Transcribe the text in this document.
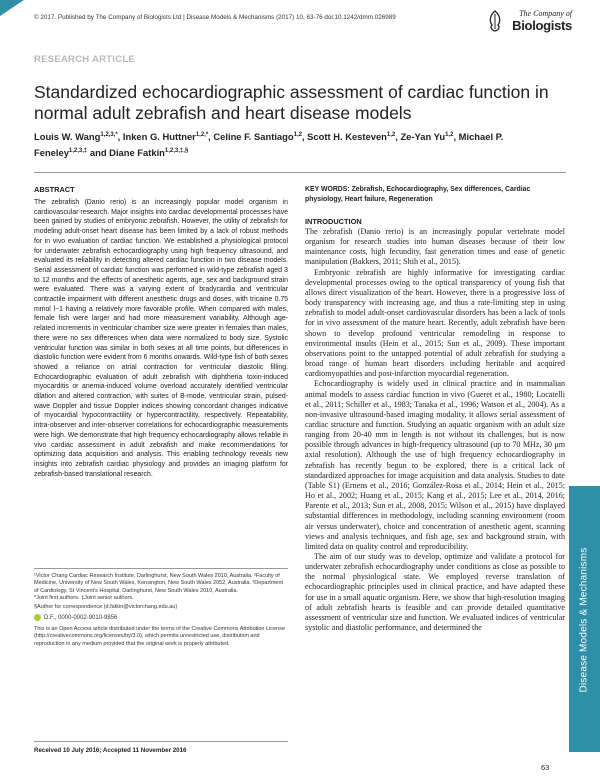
© 2017. Published by The Company of Biologists Ltd | Disease Models & Mechanisms (2017) 10, 63-76 doi:10.1242/dmm.026989	The Company of
Biologists
RESEARCH ARTICLE
Standardized echocardiographic assessment of cardiac function in normal adult zebrafish and heart disease models
Louis W. Wang$^{1,2,3,*}$, Inken G. Huttner$^{1,2,*}$, Celine F. Santiago$^{1,2}$, Scott H. Kesteven$^{1,2}$, Ze-Yan Yu$^{1,2}$, Michael P. Feneley$^{1,2,3,\ddagger}$ and Diane Fatkin$^{1,2,3,\ddagger,\S}$
ABSTRACT

The zebrafish (Danio rerio) is an increasingly popular model organism in cardiovascular research. Major insights into cardiac developmental processes have been gained by studies of embryonic zebrafish. However, the utility of zebrafish for modeling adult-onset heart disease has been limited by a lack of robust methods for in vivo evaluation of cardiac function. We established a physiological protocol for underwater zebrafish echocardiography using high frequency ultrasound, and evaluated its reliability in detecting altered cardiac function in two disease models. Serial assessment of cardiac function was performed in wild-type zebrafish aged 3 to 12 months and the effects of anesthetic agents, age, sex and background strain were evaluated. There was a varying extent of bradycardia and ventricular contractile impairment with different anesthetic drugs and doses, with tricaine 0.75 mmol l−1 having a relatively more favorable profile. When compared with males, female fish were larger and had more measurement variability. Although age-related increments in ventricular chamber size were greater in females than males, there were no sex differences when data were normalized to body size. Systolic ventricular function was similar in both sexes at all time points, but differences in diastolic function were evident from 6 months onwards. Wild-type fish of both sexes showed a reliance on atrial contraction for ventricular diastolic filling. Echocardiographic evaluation of adult zebrafish with diphtheria toxin-induced myocarditis or anemia-induced volume overload accurately identified ventricular dilation and altered contraction, with suites of B-mode, ventricular strain, pulsed-wave Doppler and tissue Doppler indices showing concordant changes indicative of myocardial hypocontractility or hypercontractility, respectively. Repeatability, intra-observer and inter-observer correlations for echocardiographic measurements were high. We demonstrate that high frequency echocardiography allows reliable in vivo cardiac assessment in adult zebrafish and make recommendations for optimizing data acquisition and analysis. This enabling technology reveals new insights into zebrafish cardiac physiology and provides an imaging platform for zebrafish-based translational research.

KEY WORDS: Zebrafish, Echocardiography, Sex differences, Cardiac physiology, Heart failure, Regeneration
INTRODUCTION

The zebrafish (Danio rerio) is an increasingly popular vertebrate model organism for research studies into human diseases because of their low maintenance costs, high fecundity, fast generation times and ease of genetic manipulation (Bakkers, 2011; Shih et al., 2015).

Embryonic zebrafish are highly informative for investigating cardiac developmental processes owing to the optical transparency of young fish that allows direct visualization of the heart. However, there is a progressive loss of body transparency with increasing age, and thus a rate-limiting step in using zebrafish to model adult-onset cardiovascular disorders has been a lack of tools for in vivo assessment of the mature heart. Recently, adult zebrafish have been shown to develop profound ventricular remodeling in response to environmental insults (Hein et al., 2015; Sun et al., 2009). These important observations point to the untapped potential of adult zebrafish for studying a broad range of human heart disorders including heritable and acquired cardiomyopathies and post-infarction myocardial regeneration.

Echocardiography is widely used in clinical practice and in mammalian animal models to assess cardiac function in vivo (Gueret et al., 1980; Locatelli et al., 2011; Schiller et al., 1983; Tanaka et al., 1996; Watson et al., 2004). As a non-invasive ultrasound-based imaging modality, it allows serial assessment of cardiac structure and function. Studying an aquatic organism with an adult size ranging from 20-40 mm in length is not without its challenges, but is now possible through advances in high-frequency ultrasound (up to 70 MHz, 30 μm axial resolution). Although the use of high frequency echocardiography in zebrafish has recently begun to be explored, there is a critical lack of standardized approaches for image acquisition and data analysis. Studies to date (Table S1) (Ernens et al., 2016; González-Rosa et al., 2014; Hein et al., 2015; Ho et al., 2002; Huang et al., 2015; Kang et al., 2015; Lee et al., 2014, 2016; Parente et al., 2013; Sun et al., 2008, 2015; Wilson et al., 2015) have displayed substantial differences in methodology, including scanning environment (room air versus underwater), choice and concentration of anesthetic agent, scanning views and analysis techniques, and fish age, sex and background strain, with limited data on quality control and reproducibility.

The aim of our study was to develop, optimize and validate a protocol for underwater zebrafish echocardiography under conditions as close as possible to the normal physiological state. We employed reverse translation of echocardiographic principles used in clinical practice, and have adapted these for use in a small aquatic organism. Here, we show that high-resolution imaging of adult zebrafish hearts is feasible and can provide detailed quantitative assessment of ventricular size and function. We evaluated indices of ventricular systolic and diastolic performance, and determined the

¹Victor Chang Cardiac Research Institute, Darlinghurst, New South Wales 2010, Australia. ²Faculty of Medicine, University of New South Wales, Kensington, New South Wales 2052, Australia. ³Department of Cardiology, St Vincent's Hospital, Darlinghurst, New South Wales 2010, Australia.
*Joint first authors. ‡Joint senior authors.
§Author for correspondence (d.fatkin@victorchang.edu.au)
D.F., 0000-0002-9010-9856
This is an Open Access article distributed under the terms of the Creative Commons Attribution License (http://creativecommons.org/licenses/by/3.0), which permits unrestricted use, distribution and reproduction in any medium provided that the original work is properly attributed.
Received 10 July 2016; Accepted 11 November 2016
Disease Models & Mechanisms
63
